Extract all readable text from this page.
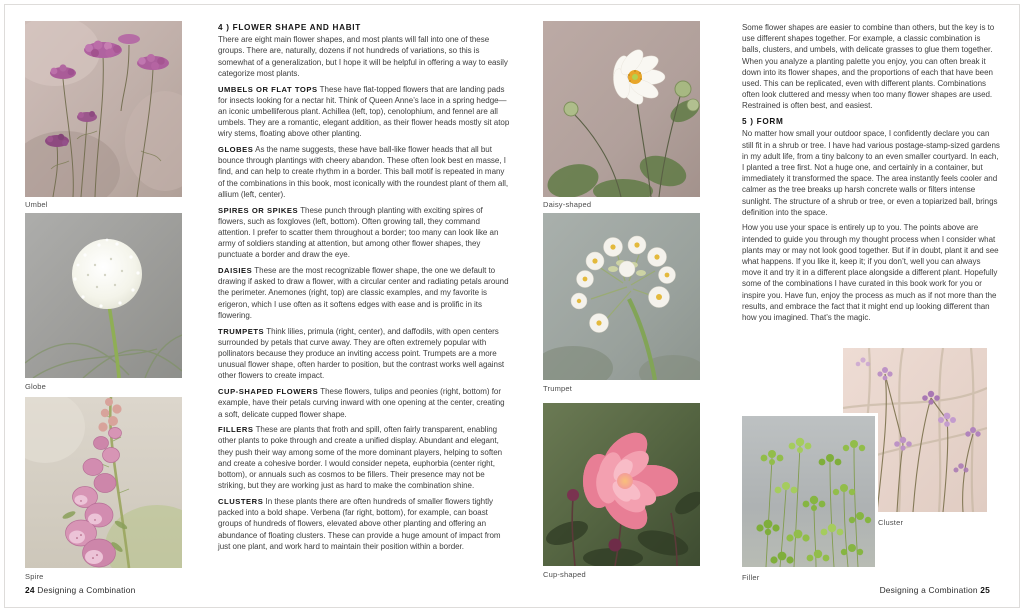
Umbel
Globe
Spire
4 ) FLOWER SHAPE AND HABIT

There are eight main flower shapes, and most plants will fall into one of these groups. There are, naturally, dozens if not hundreds of variations, so this is somewhat of a generalization, but I hope it will be helpful in offering a way to easily categorize most plants.

UMBELS OR FLAT TOPS These have flat-topped flowers that are landing pads for insects looking for a nectar hit. Think of Queen Anne’s lace in a spring hedge—an iconic umbelliferous plant. Achillea (left, top), cenolophium, and fennel are all umbels. They are a romantic, elegant addition, as their flower heads mostly sit atop wiry stems, floating above other planting.

GLOBES As the name suggests, these have ball-like flower heads that all but bounce through plantings with cheery abandon. These often look best en masse, I find, and can help to create rhythm in a border. This ball motif is repeated in many of the combinations in this book, most iconically with the roundest plant of them all, allium (left, center).

SPIRES OR SPIKES These punch through planting with exciting spires of flowers, such as foxgloves (left, bottom). Often growing tall, they command attention. I prefer to scatter them throughout a border; too many can look like an army of soldiers standing at attention, but among other flower shapes, they punctuate a border and draw the eye.

DAISIES These are the most recognizable flower shape, the one we default to drawing if asked to draw a flower, with a circular center and radiating petals around the perimeter. Anemones (right, top) are classic examples, and my favorite is erigeron, which I use often as it softens edges with ease and is prolific in its flowering.

TRUMPETS Think lilies, primula (right, center), and daffodils, with open centers surrounded by petals that curve away. They are often extremely popular with pollinators because they produce an inviting access point. Trumpets are a more unusual flower shape, often harder to position, but the contrast works well against other flowers to create impact.

CUP-SHAPED FLOWERS These flowers, tulips and peonies (right, bottom) for example, have their petals curving inward with one opening at the center, creating a soft, delicate cupped flower shape.

FILLERS These are plants that froth and spill, often fairly transparent, enabling other plants to poke through and create a unified display. Abundant and elegant, they push their way among some of the more dominant players, helping to soften and create a cohesive border. I would consider nepeta, euphorbia (center right, bottom), or annuals such as cosmos to be fillers. Their presence may not be striking, but they are working just as hard to make the combination shine.

CLUSTERS In these plants there are often hundreds of smaller flowers tightly packed into a bold shape. Verbena (far right, bottom), for example, can boast groups of hundreds of flowers, elevated above other planting and offering an abundance of floating clusters. These can provide a huge amount of impact from just one plant, and work hard to maintain their position within a border.

24 Designing a Combination
Daisy-shaped
Trumpet
Cup-shaped

Some flower shapes are easier to combine than others, but the key is to use different shapes together. For example, a classic combination is balls, clusters, and umbels, with delicate grasses to glue them together. When you analyze a planting palette you enjoy, you can often break it down into its flower shapes, and the proportions of each that have been used. This can be replicated, even with different plants. Combinations often look cluttered and messy when too many flower shapes are used. Restrained is often best, and easiest.

5 ) FORM

No matter how small your outdoor space, I confidently declare you can still fit in a shrub or tree. I have had various postage-stamp-sized gardens in my adult life, from a tiny balcony to an even smaller courtyard. In each, I planted a tree first. Not a huge one, and certainly in a container, but immediately it transformed the space. The area instantly feels cooler and calmer as the tree breaks up harsh concrete walls or filters intense sunlight. The structure of a shrub or tree, or even a topiarized ball, brings definition into the space.

How you use your space is entirely up to you. The points above are intended to guide you through my thought process when I consider what plants may or may not look good together. But if in doubt, plant it and see what happens. If you like it, keep it; if you don’t, well you can always move it and try it in a different place alongside a different plant. Hopefully some of the combinations I have curated in this book work for you or inspire you. Have fun, enjoy the process as much as if not more than the results, and embrace the fact that it might end up looking different than how you imagined. That’s the magic.

Cluster
Filler
Designing a Combination 25
